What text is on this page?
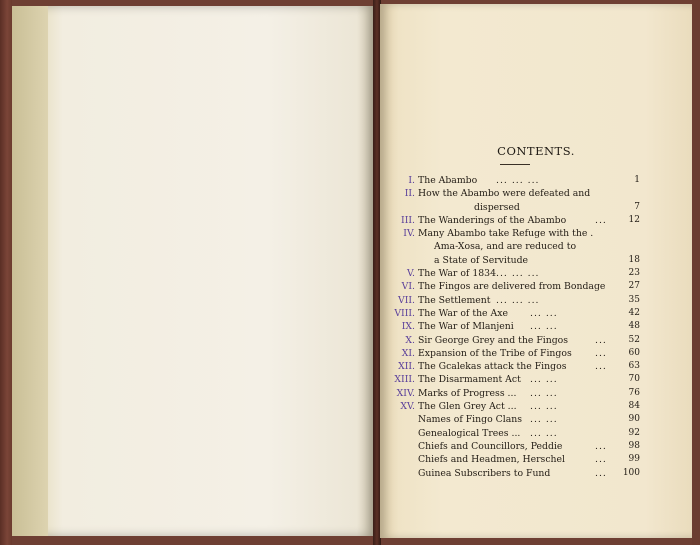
CONTENTS.
I. The Abambo	... ... ...	1
II. How the Abambo were defeated and
dispersed	7
III. The Wanderings of the Abambo	... 12
IV. Many Abambo take Refuge with the .
Ama-Xosa, and are reduced to
a State of Servitude	18
V. The War of 1834 ... ... ...	23
VI. The Fingos are delivered from Bondage	27
VII. The Settlement ... ... ...	35
VIII. The War of the Axe	... ...	42
IX. The War of Mlanjeni	... ...	48
X. Sir George Grey and the Fingos	... 52
XI. Expansion of the Tribe of Fingos	... 60
XII. The Gcalekas attack the Fingos	... 63
XIII. The Disarmament Act ... ...	70
XIV. Marks of Progress ...	... ...	76
XV. The Glen Grey Act ...	... ...	84
Names of Fingo Clans ... ...	90
Genealogical Trees ...	... ...	92
Chiefs and Councillors, Peddie	... 98
Chiefs and Headmen, Herschel	... 99
Guinea Subscribers to Fund	... 100
